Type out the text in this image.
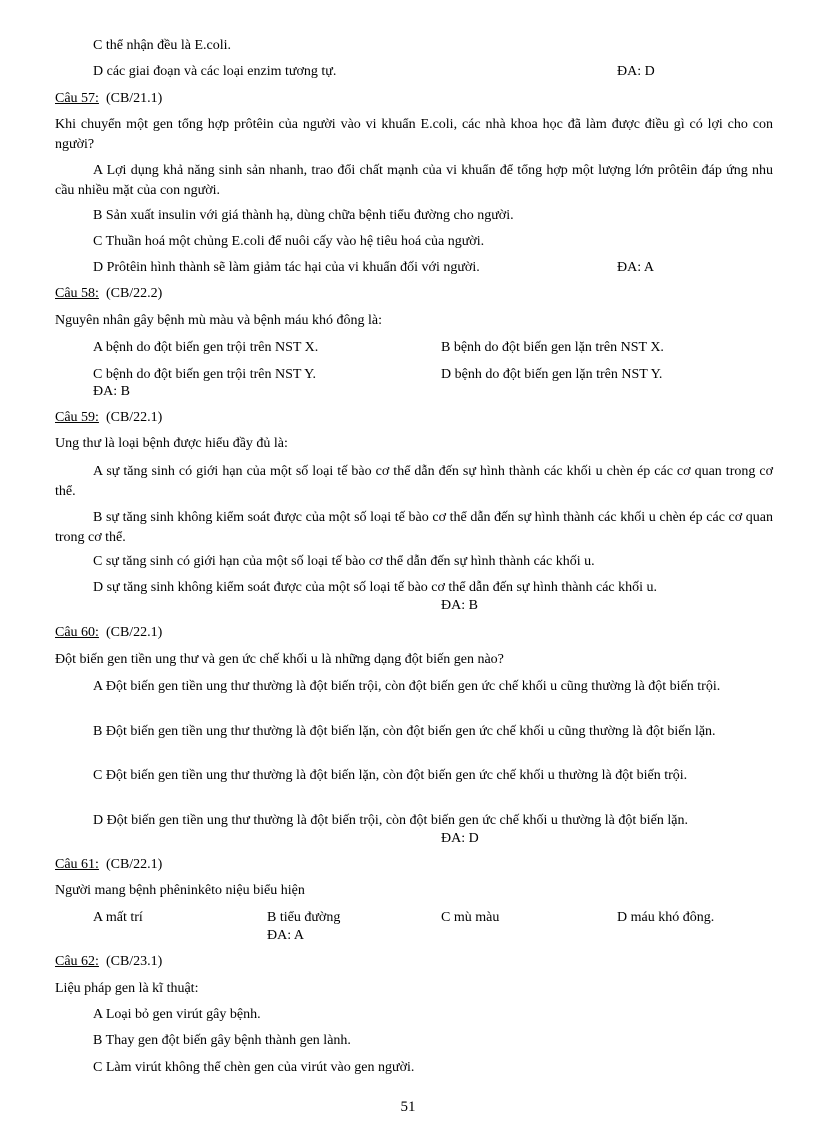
C thể nhận đều là E.coli.
D các giai đoạn và các loại enzim tương tự.	ĐA: D
Câu 57: (CB/21.1)
Khi chuyển một gen tổng hợp prôtêin của người vào vi khuẩn E.coli, các nhà khoa học đã làm được điều gì có lợi cho con người?
A Lợi dụng khả năng sinh sản nhanh, trao đổi chất mạnh của vi khuẩn để tổng hợp một lượng lớn prôtêin đáp ứng nhu cầu nhiều mặt của con người.
B Sản xuất insulin với giá thành hạ, dùng chữa bệnh tiểu đường cho người.
C Thuần hoá một chủng E.coli để nuôi cấy vào hệ tiêu hoá của người.
D Prôtêin hình thành sẽ làm giảm tác hại của vi khuẩn đối với người.	ĐA: A
Câu 58: (CB/22.2)
Nguyên nhân gây bệnh mù màu và bệnh máu khó đông là:
A bệnh do đột biến gen trội trên NST X.	B bệnh do đột biến gen lặn trên NST X.
C bệnh do đột biến gen trội trên NST Y.	D bệnh do đột biến gen lặn trên NST Y.
ĐA: B
Câu 59: (CB/22.1)
Ung thư là loại bệnh được hiểu đầy đủ là:
A sự tăng sinh có giới hạn của một số loại tế bào cơ thể dẫn đến sự hình thành các khối u chèn ép các cơ quan trong cơ thể.
B sự tăng sinh không kiểm soát được của một số loại tế bào cơ thể dẫn đến sự hình thành các khối u chèn ép các cơ quan trong cơ thể.
C sự tăng sinh có giới hạn của một số loại tế bào cơ thể dẫn đến sự hình thành các khối u.
D sự tăng sinh không kiểm soát được của một số loại tế bào cơ thể dẫn đến sự hình thành các khối u.
ĐA: B
Câu 60: (CB/22.1)
Đột biến gen tiền ung thư và gen ức chế khối u là những dạng đột biến gen nào?
A Đột biến gen tiền ung thư thường là đột biến trội, còn đột biến gen ức chế khối u cũng thường là đột biến trội.
B Đột biến gen tiền ung thư thường là đột biến lặn, còn đột biến gen ức chế khối u cũng thường là đột biến lặn.
C Đột biến gen tiền ung thư thường là đột biến lặn, còn đột biến gen ức chế khối u thường là đột biến trội.
D Đột biến gen tiền ung thư thường là đột biến trội, còn đột biến gen ức chế khối u thường là đột biến lặn.
ĐA: D
Câu 61: (CB/22.1)
Người mang bệnh phêninkêto niệu biểu hiện
A mất trí	B tiểu đường	C mù màu	D máu khó đông.
ĐA: A
Câu 62: (CB/23.1)
Liệu pháp gen là kĩ thuật:
A Loại bỏ gen virút gây bệnh.
B Thay gen đột biến gây bệnh thành gen lành.
C Làm virút không thể chèn gen của virút vào gen người.
51
